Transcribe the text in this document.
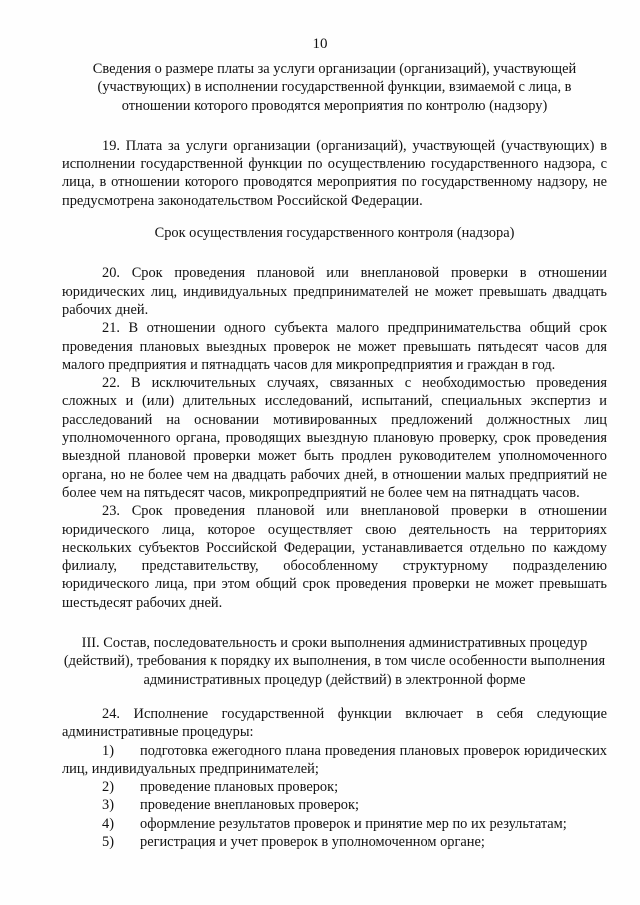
10

Сведения о размере платы за услуги организации (организаций), участвующей (участвующих) в исполнении государственной функции, взимаемой с лица, в отношении которого проводятся мероприятия по контролю (надзору)

19. Плата за услуги организации (организаций), участвующей (участвующих) в исполнении государственной функции по осуществлению государственного надзора, с лица, в отношении которого проводятся мероприятия по государственному надзору, не предусмотрена законодательством Российской Федерации.

Срок осуществления государственного контроля (надзора)

20. Срок проведения плановой или внеплановой проверки в отношении юридических лиц, индивидуальных предпринимателей не может превышать двадцать рабочих дней.

21. В отношении одного субъекта малого предпринимательства общий срок проведения плановых выездных проверок не может превышать пятьдесят часов для малого предприятия и пятнадцать часов для микропредприятия и граждан в год.

22. В исключительных случаях, связанных с необходимостью проведения сложных и (или) длительных исследований, испытаний, специальных экспертиз и расследований на основании мотивированных предложений должностных лиц уполномоченного органа, проводящих выездную плановую проверку, срок проведения выездной плановой проверки может быть продлен руководителем уполномоченного органа, но не более чем на двадцать рабочих дней, в отношении малых предприятий не более чем на пятьдесят часов, микропредприятий не более чем на пятнадцать часов.

23. Срок проведения плановой или внеплановой проверки в отношении юридического лица, которое осуществляет свою деятельность на территориях нескольких субъектов Российской Федерации, устанавливается отдельно по каждому филиалу, представительству, обособленному структурному подразделению юридического лица, при этом общий срок проведения проверки не может превышать шестьдесят рабочих дней.

III. Состав, последовательность и сроки выполнения административных процедур (действий), требования к порядку их выполнения, в том числе особенности выполнения административных процедур (действий) в электронной форме

24. Исполнение государственной функции включает в себя следующие административные процедуры:

1) подготовка ежегодного плана проведения плановых проверок юридических лиц, индивидуальных предпринимателей;
2) проведение плановых проверок;
3) проведение внеплановых проверок;
4) оформление результатов проверок и принятие мер по их результатам;
5) регистрация и учет проверок в уполномоченном органе;
